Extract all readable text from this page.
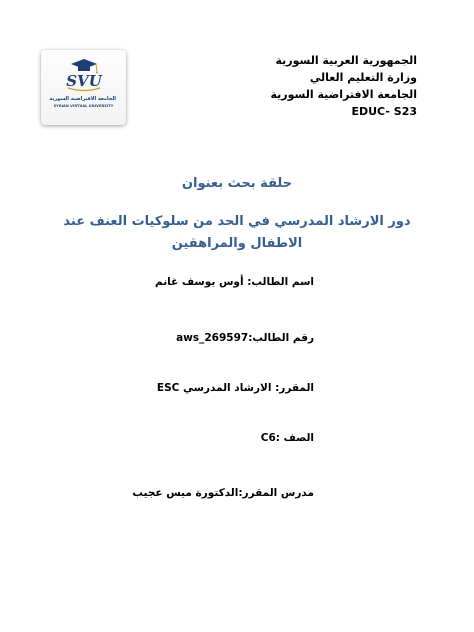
SVU
الجامعة الافتراضية السورية
SYRIAN VIRTUAL UNIVERSITY
الجمهورية العربية السورية
وزارة التعليم العالي
الجامعة الافتراضية السورية
EDUC- S23
حلقة بحث بعنوان
دور الارشاد المدرسي في الحد من سلوكيات العنف عند
الاطفال والمراهقين
اسم الطالب: أوس يوسف غانم
رقم الطالب:aws_269597
المقرر: الارشاد المدرسي ESC
الصف :C6
مدرس المقرر:الدكتورة ميس عجيب
